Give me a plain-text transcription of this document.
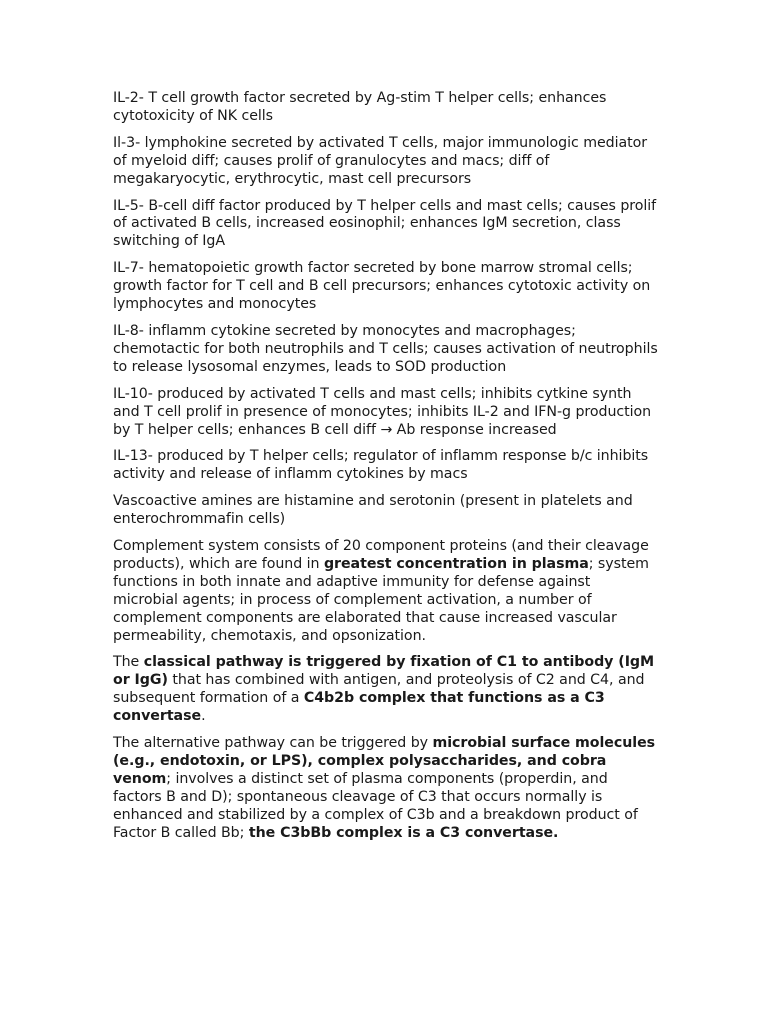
IL-2- T cell growth factor secreted by Ag-stim T helper cells; enhances cytotoxicity of NK cells

Il-3- lymphokine secreted by activated T cells, major immunologic mediator of myeloid diff; causes prolif of granulocytes and macs; diff of megakaryocytic, erythrocytic, mast cell precursors

IL-5- B-cell diff factor produced by T helper cells and mast cells; causes prolif of activated B cells, increased eosinophil; enhances IgM secretion, class switching of IgA

IL-7- hematopoietic growth factor secreted by bone marrow stromal cells; growth factor for T cell and B cell precursors; enhances cytotoxic activity on lymphocytes and monocytes

IL-8- inflamm cytokine secreted by monocytes and macrophages; chemotactic for both neutrophils and T cells; causes activation of neutrophils to release lysosomal enzymes, leads to SOD production

IL-10- produced by activated T cells and mast cells; inhibits cytkine synth and T cell prolif in presence of monocytes; inhibits IL-2 and IFN-g production by T helper cells; enhances B cell diff → Ab response increased

IL-13- produced by T helper cells; regulator of inflamm response b/c inhibits activity and release of inflamm cytokines by macs

Vascoactive amines are histamine and serotonin (present in platelets and enterochrommafin cells)

Complement system consists of 20 component proteins (and their cleavage products), which are found in greatest concentration in plasma; system functions in both innate and adaptive immunity for defense against microbial agents; in process of complement activation, a number of complement components are elaborated that cause increased vascular permeability, chemotaxis, and opsonization.

The classical pathway is triggered by fixation of C1 to antibody (IgM or IgG) that has combined with antigen, and proteolysis of C2 and C4, and subsequent formation of a C4b2b complex that functions as a C3 convertase.

The alternative pathway can be triggered by microbial surface molecules (e.g., endotoxin, or LPS), complex polysaccharides, and cobra venom; involves a distinct set of plasma components (properdin, and factors B and D); spontaneous cleavage of C3 that occurs normally is enhanced and stabilized by a complex of C3b and a breakdown product of Factor B called Bb; the C3bBb complex is a C3 convertase.
